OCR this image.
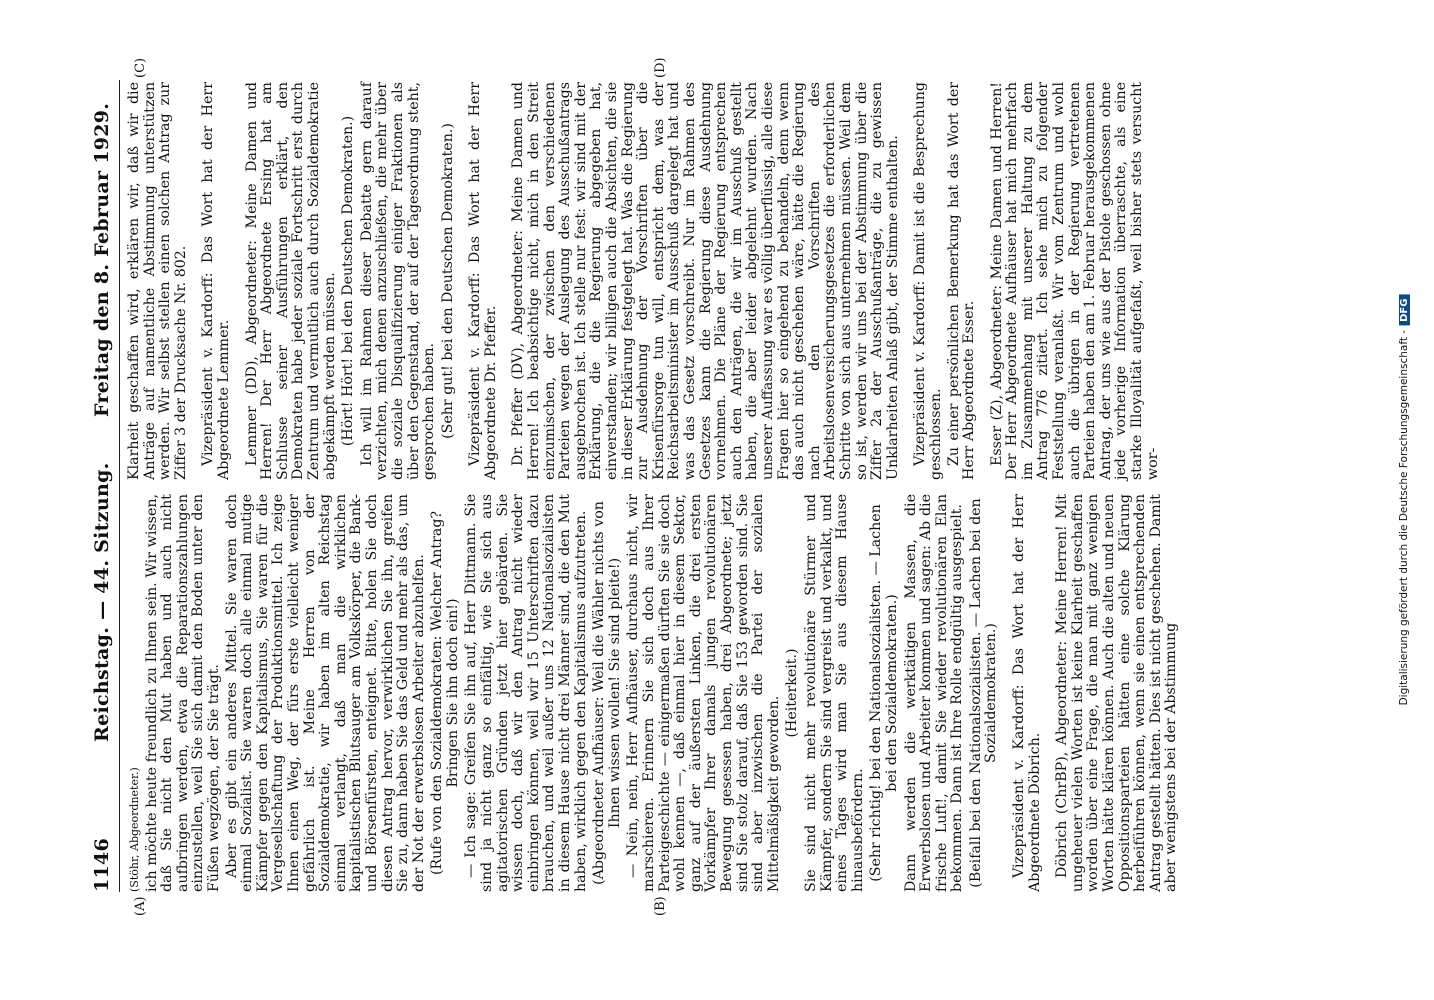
1146
Reichstag. — 44. Sitzung.
Freitag den 8. Februar 1929.
(A)	(B)
(C)	(D)

(Stöhr, Abgeordneter.) ich möchte heute freundlich zu Ihnen sein. Wir wissen, daß Sie nicht den Mut haben und auch nicht aufbringen werden, etwa die Reparationszahlungen einzustellen, weil Sie sich damit den Boden unter den Füßen wegzögen, der Sie trägt. Aber es gibt ein anderes Mittel. Sie waren doch einmal Sozialist. Sie waren doch alle einmal mutige Kämpfer gegen den Kapitalismus, Sie waren für die Vergesellschaftung der Produktionsmittel. Ich zeige Ihnen einen Weg, der fürs erste vielleicht weniger gefährlich ist. Meine Herren von der Sozialdemokratie, wir haben im alten Reichstag einmal verlangt, daß man die wirklichen kapitalistischen Blutsauger am Volkskörper, die Bank- und Börsenfürsten, enteignet. Bitte, holen Sie doch diesen Antrag hervor, verwirklichen Sie ihn, greifen Sie zu, dann haben Sie das Geld und mehr als das, um der Not der erwerbslosen Arbeiter abzuhelfen. (Rufe von den Sozialdemokraten: Welcher Antrag? Bringen Sie ihn doch ein!) — Ich sage: Greifen Sie ihn auf, Herr Dittmann. Sie sind ja nicht ganz so einfältig, wie Sie sich aus agitatorischen Gründen jetzt hier gebärden. Sie wissen doch, daß wir den Antrag nicht wieder einbringen können, weil wir 15 Unterschriften dazu brauchen, und weil außer uns 12 Nationalsozialisten in diesem Hause nicht drei Männer sind, die den Mut haben, wirklich gegen den Kapitalismus aufzutreten. (Abgeordneter Aufhäuser: Weil die Wähler nichts von Ihnen wissen wollen! Sie sind pleite!) — Nein, nein, Herr Aufhäuser, durchaus nicht, wir marschieren. Erinnern Sie sich doch aus Ihrer Parteigeschichte — einigermaßen dürften Sie sie doch wohl kennen —, daß einmal hier in diesem Sektor, ganz auf der äußersten Linken, die drei ersten Vorkämpfer Ihrer damals jungen revolutionären Bewegung gesessen haben, drei Abgeordnete; jetzt sind Sie stolz darauf, daß Sie 153 geworden sind. Sie sind aber inzwischen die Partei der sozialen Mittelmäßigkeit geworden.

(Heiterkeit.) Sie sind nicht mehr revolutionäre Stürmer und Kämpfer, sondern Sie sind vergreist und verkalkt, und eines Tages wird man Sie aus diesem Hause hinausbefördern. (Sehr richtig! bei den Nationalsozialisten. — Lachen bei den Sozialdemokraten.) Dann werden die werktätigen Massen, die Erwerbslosen und Arbeiter kommen und sagen: Ab die frische Luft!, damit Sie wieder revolutionären Elan bekommen. Dann ist Ihre Rolle endgültig ausgespielt. (Beifall bei den Nationalsozialisten. — Lachen bei den Sozialdemokraten.) Vizepräsident v. Kardorff: Das Wort hat der Herr Abgeordnete Döbrich. Döbrich (ChrBP), Abgeordneter: Meine Herren! Mit ungeheuer vielen Worten ist keine Klarheit geschaffen worden über eine Frage, die man mit ganz wenigen Worten hätte klären können. Auch die alten und neuen Oppositionsparteien hätten eine solche Klärung herbeiführen können, wenn sie einen entsprechenden Antrag gestellt hätten. Dies ist nicht geschehen. Damit aber wenigstens bei der Abstimmung

Klarheit geschaffen wird, erklären wir, daß wir die Anträge auf namentliche Abstimmung unterstützen werden. Wir selbst stellen einen solchen Antrag zur Ziffer 3 der Drucksache Nr. 802. Vizepräsident v. Kardorff: Das Wort hat der Herr Abgeordnete Lemmer. Lemmer (DD), Abgeordneter: Meine Damen und Herren! Der Herr Abgeordnete Ersing hat am Schlusse seiner Ausführungen erklärt, den Demokraten habe jeder soziale Fortschritt erst durch Zentrum und vermutlich auch durch Sozialdemokratie abgekämpft werden müssen. (Hört! Hört! bei den Deutschen Demokraten.) Ich will im Rahmen dieser Debatte gern darauf verzichten, mich denen anzuschließen, die mehr über die soziale Disqualifizierung einiger Fraktionen als über den Gegenstand, der auf der Tagesordnung steht, gesprochen haben. (Sehr gut! bei den Deutschen Demokraten.) Vizepräsident v. Kardorff: Das Wort hat der Herr Abgeordnete Dr. Pfeffer. Dr. Pfeffer (DV), Abgeordneter: Meine Damen und Herren! Ich beabsichtige nicht, mich in den Streit einzumischen, der zwischen den verschiedenen Parteien wegen der Auslegung des Ausschußantrags ausgebrochen ist. Ich stelle nur fest: wir sind mit der Erklärung, die die Regierung abgegeben hat, einverstanden; wir billigen auch die Absichten, die sie in dieser Erklärung festgelegt hat. Was die Regierung zur Ausdehnung der Vorschriften über die Krisenfürsorge tun will, entspricht dem, was der Reichsarbeitsminister im Ausschuß dargelegt hat und was das Gesetz vorschreibt. Nur im Rahmen des Gesetzes kann die Regierung diese Ausdehnung vornehmen. Die Pläne der Regierung entsprechen auch den Anträgen, die wir im Ausschuß gestellt haben, die aber leider abgelehnt wurden. Nach unserer Auffassung war es völlig überflüssig, alle diese Fragen hier so eingehend zu behandeln, denn wenn das auch nicht geschehen wäre, hätte die Regierung nach den Vorschriften des Arbeitslosenversicherungsgesetzes die erforderlichen Schritte von sich aus unternehmen müssen. Weil dem so ist, werden wir uns bei der Abstimmung über die Ziffer 2a der Ausschußanträge, die zu gewissen Unklarheiten Anlaß gibt, der Stimme enthalten. Vizepräsident v. Kardorff: Damit ist die Besprechung geschlossen. Zu einer persönlichen Bemerkung hat das Wort der Herr Abgeordnete Esser. Esser (Z), Abgeordneter: Meine Damen und Herren! Der Herr Abgeordnete Aufhäuser hat mich mehrfach im Zusammenhang mit unserer Haltung zu dem Antrag 776 zitiert. Ich sehe mich zu folgender Feststellung veranlaßt. Wir vom Zentrum und wohl auch die übrigen in der Regierung vertretenen Parteien haben den am 1. Februar herausgekommenen Antrag, der uns wie aus der Pistole geschossen ohne jede vorherige Information überraschte, als eine starke Illoyalität aufgefaßt, weil bisher stets versucht wor-	Digitalisierung gefördert durch die Deutsche Forschungsgemeinschaft -DFG
